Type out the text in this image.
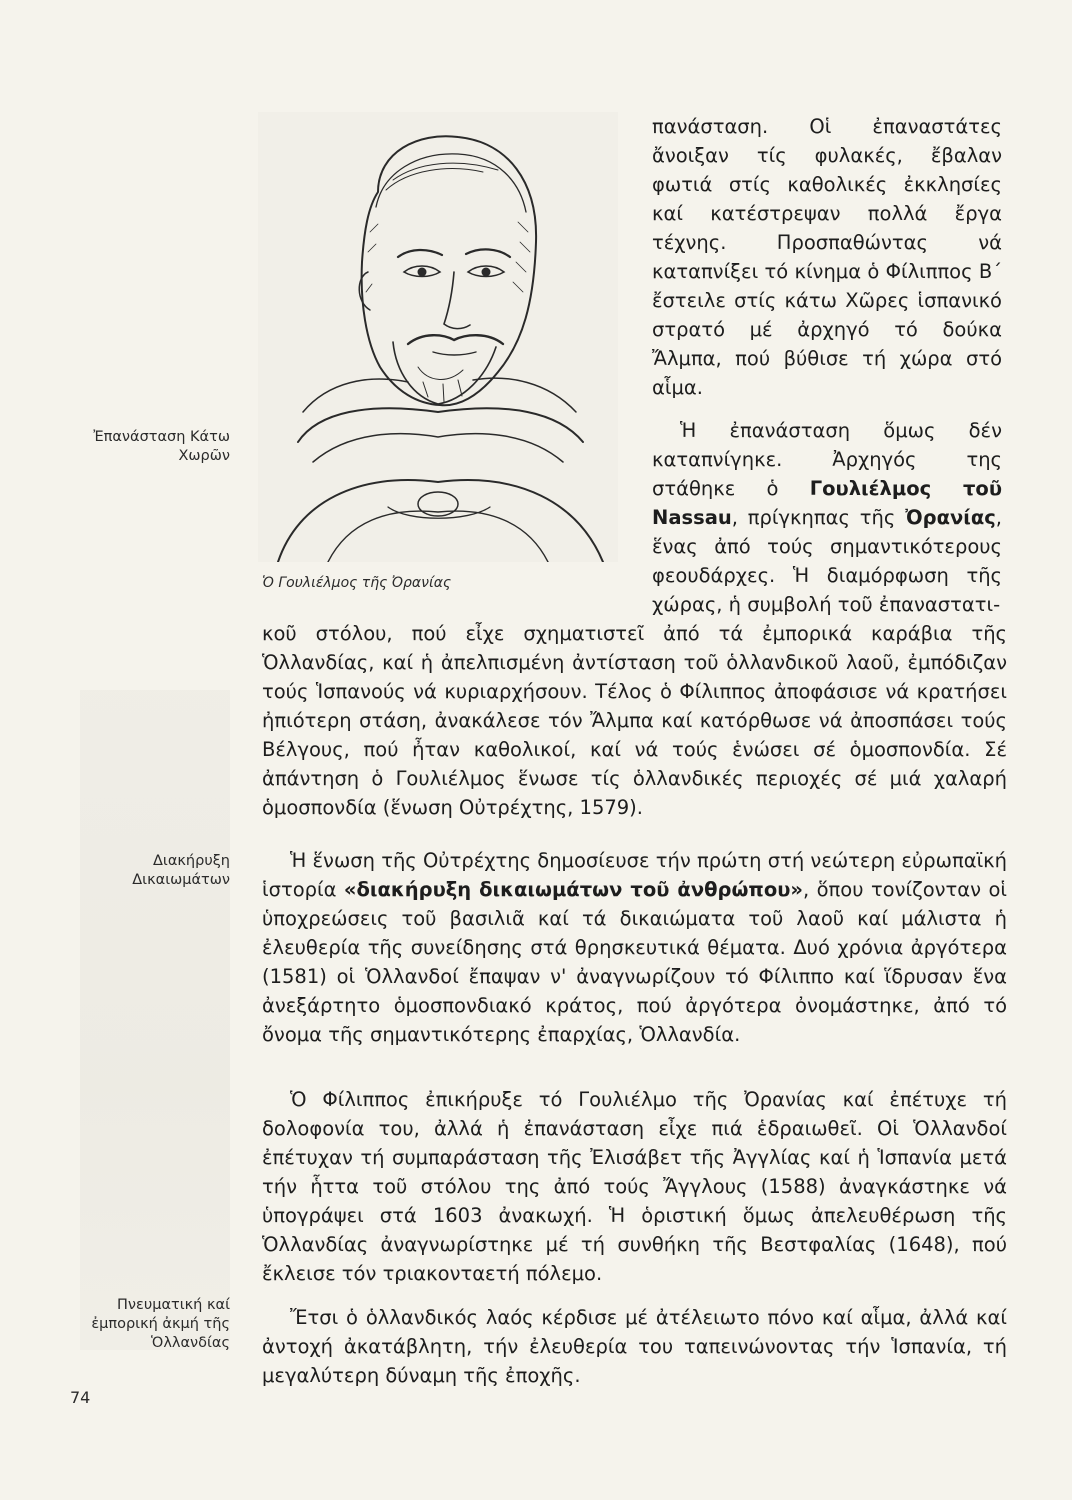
Ἐπανάσταση Κάτω Χωρῶν
Διακήρυξη Δικαιωμάτων
Πνευματική καί ἐμπορική ἀκμή τῆς Ὁλλανδίας
74
Ὁ Γουλιέλμος τῆς Ὀρανίας

πανάσταση. Οἱ ἐπαναστάτες ἄνοιξαν τίς φυλακές, ἔβαλαν φωτιά στίς καθολικές ἐκκλησίες καί κατέστρεψαν πολλά ἔργα τέχνης. Προσπαθώντας νά καταπνίξει τό κίνημα ὁ Φίλιππος Β΄ ἔστειλε στίς κάτω Χῶρες ἱσπανικό στρατό μέ ἀρχηγό τό δούκα Ἄλμπα, πού βύθισε τή χώρα στό αἷμα.

Ἡ ἐπανάσταση ὅμως δέν καταπνίγηκε. Ἀρχηγός της στάθηκε ὁ Γουλιέλμος τοῦ Nassau, πρίγκηπας τῆς Ὀρανίας, ἕνας ἀπό τούς σημαντικότερους φεουδάρχες. Ἡ διαμόρφωση τῆς χώρας, ἡ συμβολή τοῦ ἐπαναστατι-

κοῦ στόλου, πού εἶχε σχηματιστεῖ ἀπό τά ἐμπορικά καράβια τῆς Ὁλλανδίας, καί ἡ ἀπελπισμένη ἀντίσταση τοῦ ὁλλανδικοῦ λαοῦ, ἐμπόδιζαν τούς Ἱσπανούς νά κυριαρχήσουν. Τέλος ὁ Φίλιππος ἀποφάσισε νά κρατήσει ἠπιότερη στάση, ἀνακάλεσε τόν Ἄλμπα καί κατόρθωσε νά ἀποσπάσει τούς Βέλγους, πού ἦταν καθολικοί, καί νά τούς ἑνώσει σέ ὁμοσπονδία. Σέ ἀπάντηση ὁ Γουλιέλμος ἕνωσε τίς ὁλλανδικές περιοχές σέ μιά χαλαρή ὁμοσπονδία (ἕνωση Οὐτρέχτης, 1579).

Ἡ ἕνωση τῆς Οὐτρέχτης δημοσίευσε τήν πρώτη στή νεώτερη εὐρωπαϊκή ἱστορία «διακήρυξη δικαιωμάτων τοῦ ἀνθρώπου», ὅπου τονίζονταν οἱ ὑποχρεώσεις τοῦ βασιλιᾶ καί τά δικαιώματα τοῦ λαοῦ καί μάλιστα ἡ ἐλευθερία τῆς συνείδησης στά θρησκευτικά θέματα. Δυό χρόνια ἀργότερα (1581) οἱ Ὁλλανδοί ἔπαψαν ν' ἀναγνωρίζουν τό Φίλιππο καί ἵδρυσαν ἕνα ἀνεξάρτητο ὁμοσπονδιακό κράτος, πού ἀργότερα ὀνομάστηκε, ἀπό τό ὄνομα τῆς σημαντικότερης ἐπαρχίας, Ὁλλανδία.

Ὁ Φίλιππος ἐπικήρυξε τό Γουλιέλμο τῆς Ὀρανίας καί ἐπέτυχε τή δολοφονία του, ἀλλά ἡ ἐπανάσταση εἶχε πιά ἑδραιωθεῖ. Οἱ Ὁλλανδοί ἐπέτυχαν τή συμπαράσταση τῆς Ἐλισάβετ τῆς Ἀγγλίας καί ἡ Ἱσπανία μετά τήν ἧττα τοῦ στόλου της ἀπό τούς Ἄγγλους (1588) ἀναγκάστηκε νά ὑπογράψει στά 1603 ἀνακωχή. Ἡ ὁριστική ὅμως ἀπελευθέρωση τῆς Ὁλλανδίας ἀναγνωρίστηκε μέ τή συνθήκη τῆς Βεστφαλίας (1648), πού ἔκλεισε τόν τριακονταετή πόλεμο.

Ἔτσι ὁ ὁλλανδικός λαός κέρδισε μέ ἀτέλειωτο πόνο καί αἷμα, ἀλλά καί ἀντοχή ἀκατάβλητη, τήν ἐλευθερία του ταπεινώνοντας τήν Ἱσπανία, τή μεγαλύτερη δύναμη τῆς ἐποχῆς.
